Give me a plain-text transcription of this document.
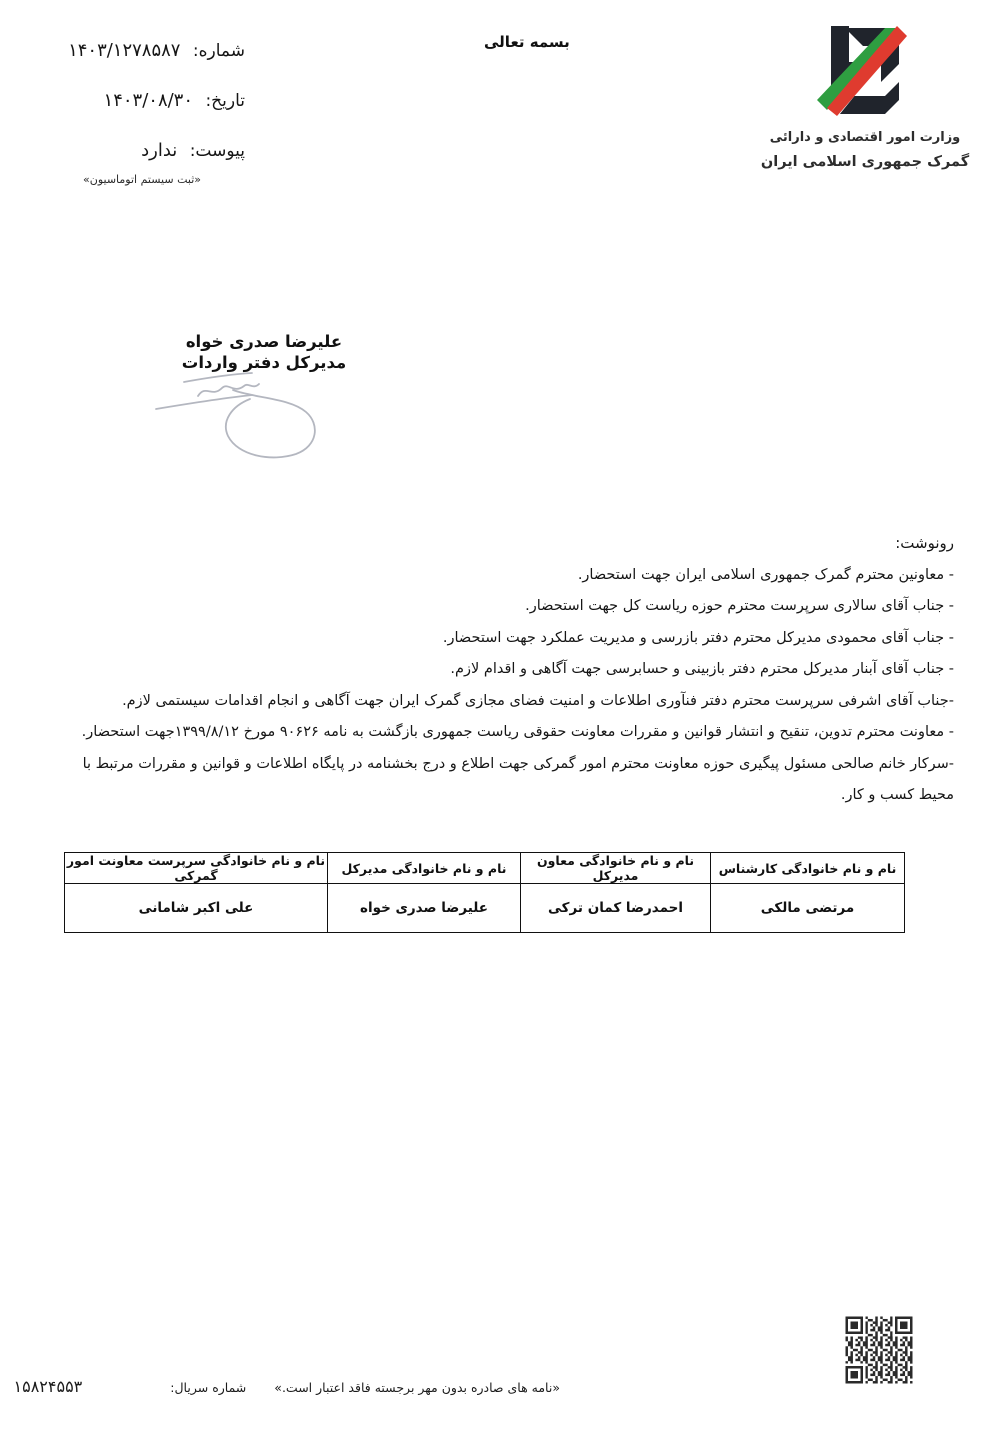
وزارت امور اقتصادی و دارائی
گمرک جمهوری اسلامی ایران
بسمه تعالی
شماره: ۱۴۰۳/۱۲۷۸۵۸۷
تاریخ: ۱۴۰۳/۰۸/۳۰
پیوست: ندارد
«ثبت سیستم اتوماسیون»
علیرضا صدری خواه
مدیرکل دفتر واردات
رونوشت:
- معاونین محترم گمرک جمهوری اسلامی ایران جهت استحضار.
- جناب آقای سالاری سرپرست محترم حوزه ریاست کل جهت استحضار.
- جناب آقای محمودی مدیرکل محترم دفتر بازرسی و مدیریت عملکرد جهت استحضار.
- جناب آقای آبنار مدیرکل محترم دفتر بازبینی و حسابرسی جهت آگاهی و اقدام لازم.
-جناب آقای اشرفی سرپرست محترم دفتر فنآوری اطلاعات و امنیت فضای مجازی گمرک ایران جهت آگاهی و انجام اقدامات سیستمی لازم.
- معاونت محترم تدوین، تنقیح و انتشار قوانین و مقررات معاونت حقوقی ریاست جمهوری بازگشت به نامه ۹۰۶۲۶ مورخ ۱۳۹۹/۸/۱۲جهت استحضار.
-سرکار خانم صالحی مسئول پیگیری حوزه معاونت محترم امور گمرکی جهت اطلاع و درج بخشنامه در پایگاه اطلاعات و قوانین و مقررات مرتبط با محیط کسب و کار.
نام و نام خانوادگی کارشناس	نام و نام خانوادگی معاون مدیرکل	نام و نام خانوادگی مدیرکل	نام و نام خانوادگی سرپرست معاونت امور گمرکی
مرتضی مالکی	احمدرضا کمان ترکی	علیرضا صدری خواه	علی اکبر شامانی
«نامه های صادره بدون مهر برجسته فاقد اعتبار است.»
شماره سریال:
۱۵۸۲۴۵۵۳
